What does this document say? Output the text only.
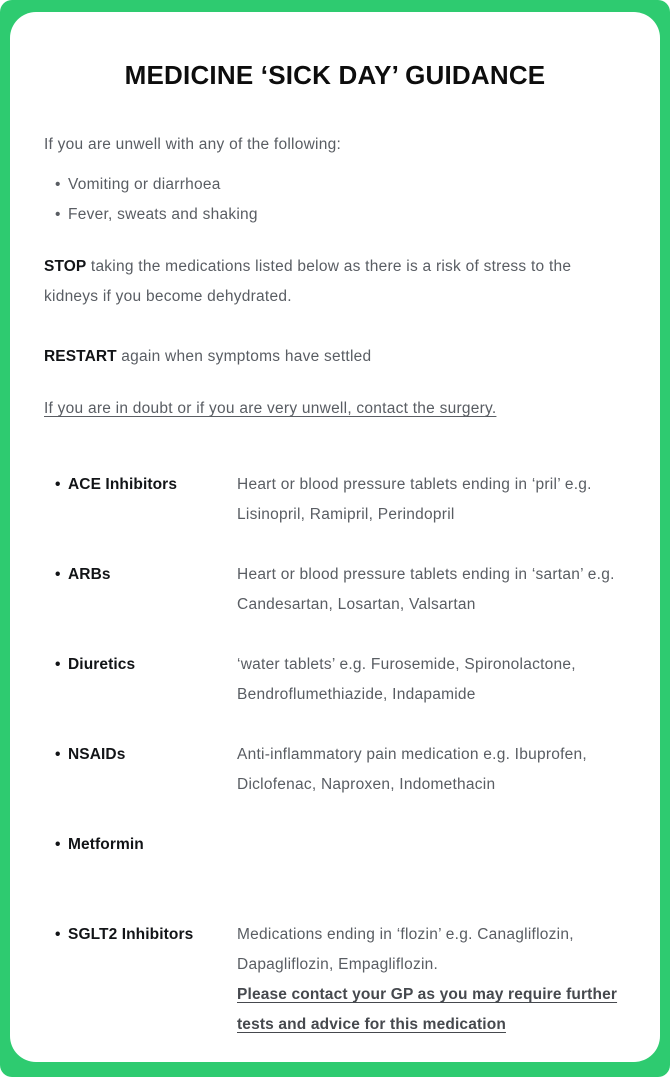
MEDICINE ‘SICK DAY’ GUIDANCE

If you are unwell with any of the following:

• Vomiting or diarrhoea
• Fever, sweats and shaking

STOP taking the medications listed below as there is a risk of stress to the kidneys if you become dehydrated.

RESTART again when symptoms have settled

If you are in doubt or if you are very unwell, contact the surgery.

• ACE Inhibitors	Heart or blood pressure tablets ending in ‘pril’ e.g. Lisinopril, Ramipril, Perindopril
• ARBs	Heart or blood pressure tablets ending in ‘sartan’ e.g. Candesartan, Losartan, Valsartan
• Diuretics	‘water tablets’ e.g. Furosemide, Spironolactone, Bendroflumethiazide, Indapamide
• NSAIDs	Anti-inflammatory pain medication e.g. Ibuprofen, Diclofenac, Naproxen, Indomethacin
• Metformin
• SGLT2 Inhibitors	Medications ending in ‘flozin’ e.g. Canagliflozin, Dapagliflozin, Empagliflozin.
Please contact your GP as you may require further tests and advice for this medication
